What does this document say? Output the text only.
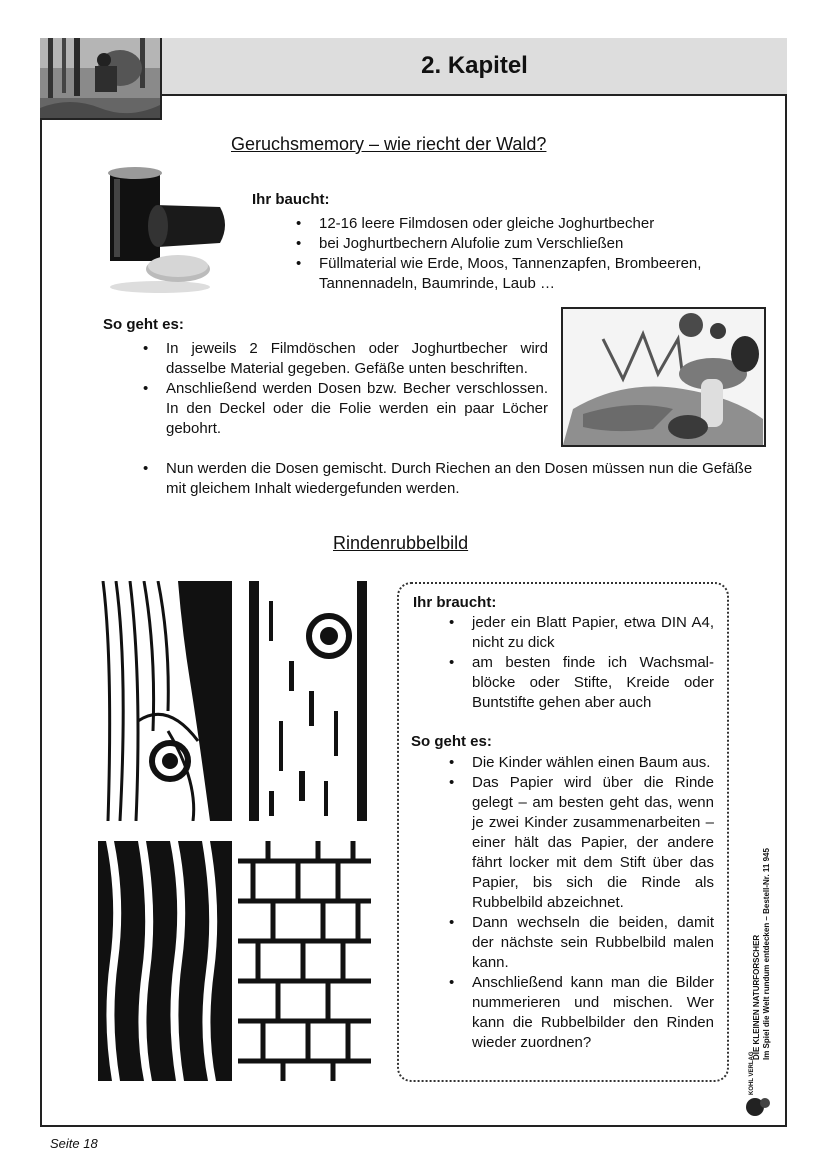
2. Kapitel
Geruchsmemory – wie riecht der Wald?
Ihr baucht:
• 12-16 leere Filmdosen oder gleiche Joghurtbecher
• bei Joghurtbechern Alufolie zum Verschließen
• Füllmaterial wie Erde, Moos, Tannenzapfen, Brombeeren, Tannennadeln, Baumrinde, Laub …
So geht es:
• In jeweils 2 Filmdöschen oder Joghurtbecher wird dasselbe Material gegeben. Gefäße unten beschriften.
• Anschließend werden Dosen bzw. Becher verschlossen. In den Deckel oder die Folie werden ein paar Löcher gebohrt.
• Nun werden die Dosen gemischt. Durch Riechen an den Dosen müssen nun die Gefäße mit gleichem Inhalt wiedergefunden werden.
Rindenrubbelbild
Ihr braucht:
• jeder ein Blatt Papier, etwa DIN A4, nicht zu dick
• am besten finde ich Wachsmalblöcke oder Stifte, Kreide oder Buntstifte gehen aber auch
So geht es:
• Die Kinder wählen einen Baum aus.
• Das Papier wird über die Rinde gelegt – am besten geht das, wenn je zwei Kinder zusammenarbeiten – einer hält das Papier, der andere fährt locker mit dem Stift über das Papier, bis sich die Rinde als Rubbelbild abzeichnet.
• Dann wechseln die beiden, damit der nächste sein Rubbelbild malen kann.
• Anschließend kann man die Bilder nummerieren und mischen. Wer kann die Rubbelbilder den Rinden wieder zuordnen?	DIE KLEINEN NATURFORSCHER Im Spiel die Welt rundum entdecken – Bestell-Nr. 11 945
KOHL VERLAG
Seite 18
